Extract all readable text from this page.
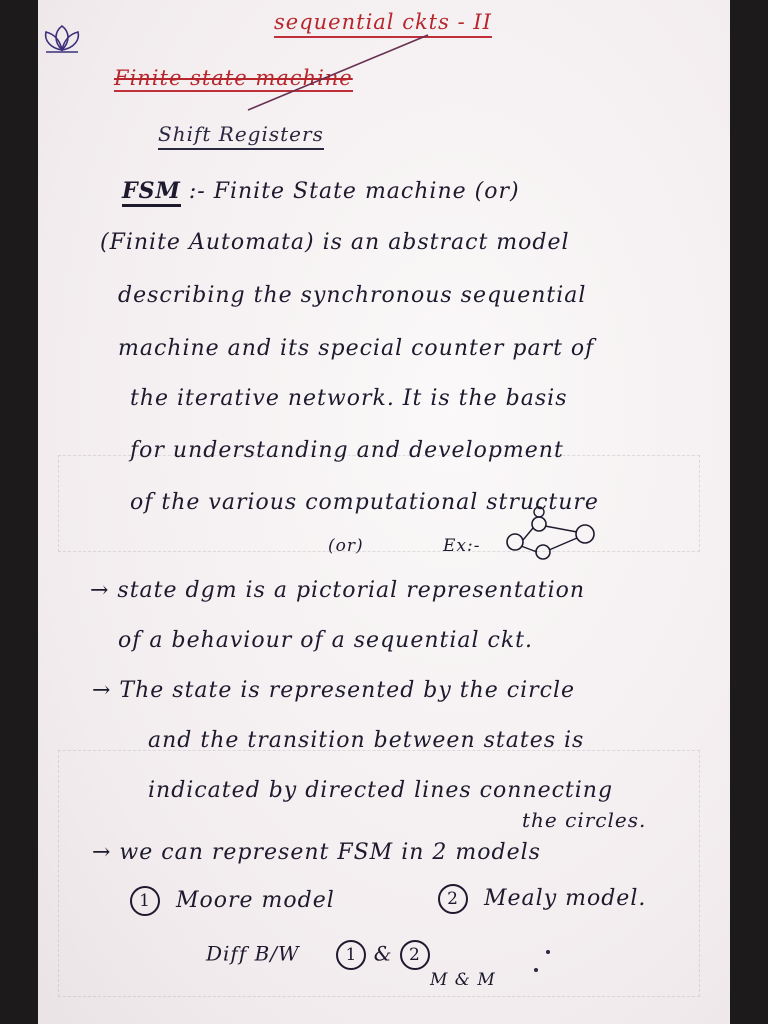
sequential ckts - II
Finite state machine
Shift Registers
FSM :- Finite State machine (or)
(Finite Automata) is an abstract model
describing the synchronous sequential
machine and its special counter part of
the iterative network. It is the basis
for understanding and development
of the various computational structure
(or)	Ex:-
→ state dgm is a pictorial representation
of a behaviour of a sequential ckt.
→ The state is represented by the circle
and the transition between states is
indicated by directed lines connecting
the circles.
→ we can represent FSM in 2 models
1 Moore model	2 Mealy model.
Diff B/W	1 & 2
M & M
